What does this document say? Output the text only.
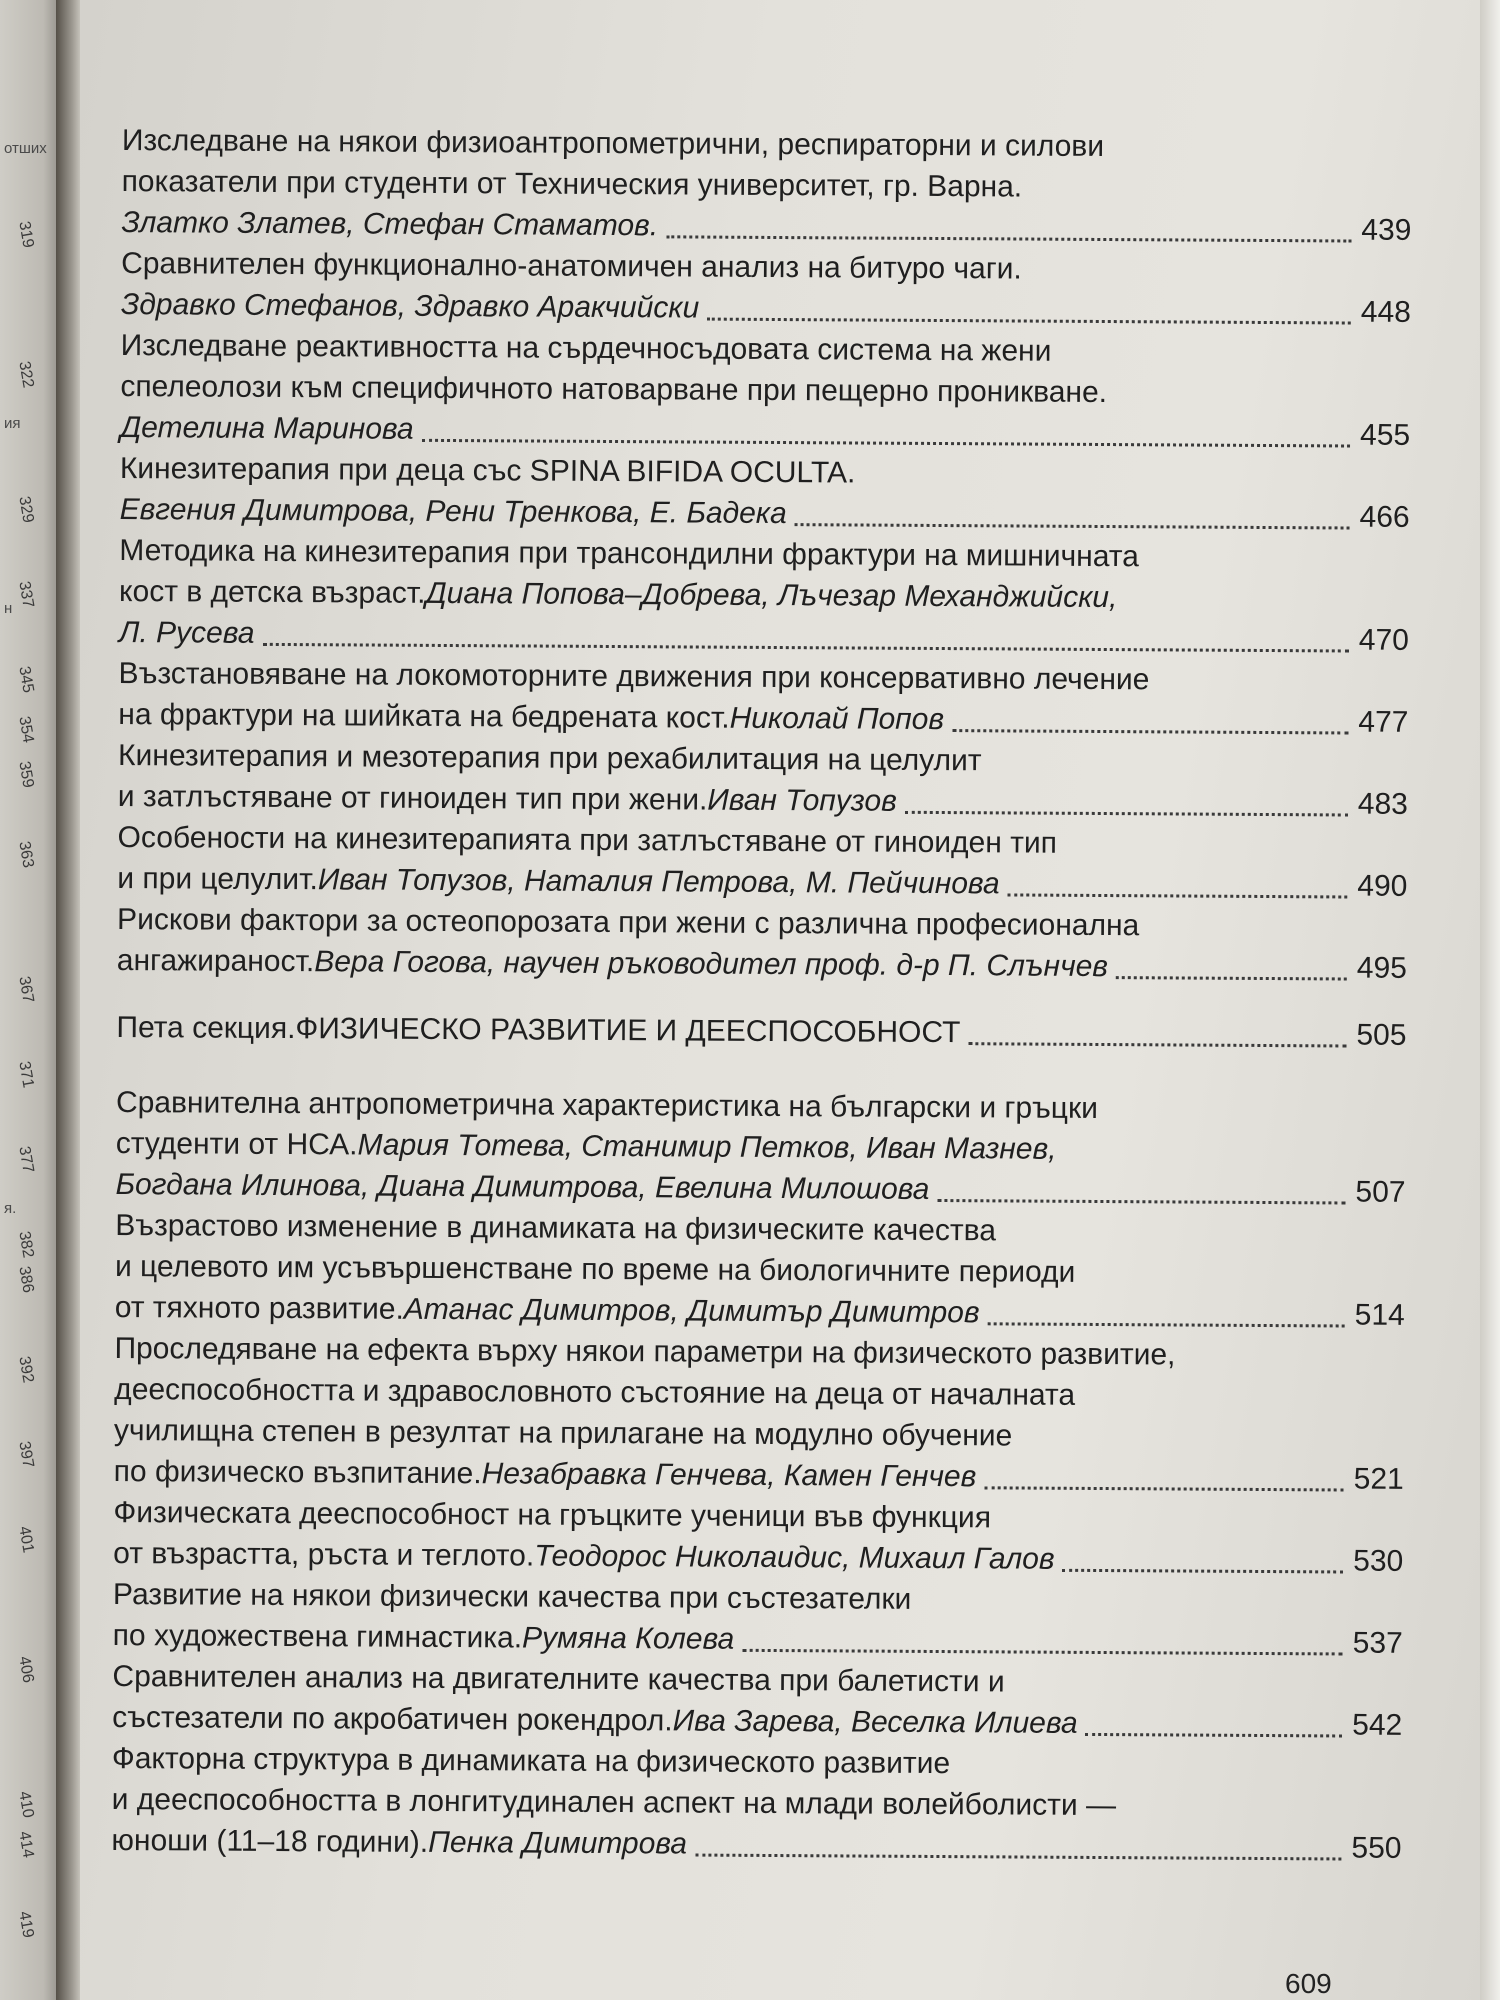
отших
ия
н
я.
319
322
329
337
345
354
359
363
367
371
377
382
386
392
397
401
406
410
414
419
Изследване на някои физиоантропометрични, респираторни и силови
показатели при студенти от Техническия университет, гр. Варна.
Златко Златев, Стефан Стаматов.	439
Сравнителен функционално-анатомичен анализ на битуро чаги.
Здравко Стефанов, Здравко Аракчийски	448
Изследване реактивността на сърдечносъдовата система на жени
спелеолози към специфичното натоварване при пещерно проникване.
Детелина Маринова	455
Кинезитерапия при деца със SPINA BIFIDA OCULTA.
Евгения Димитрова, Рени Тренкова, Е. Бадека	466
Методика на кинезитерапия при трансондилни фрактури на мишничната
кост в детска възраст. Диана Попова–Добрева, Лъчезар Механджийски,
Л. Русева	470
Възстановяване на локомоторните движения при консервативно лечение
на фрактури на шийката на бедрената кост. Николай Попов	477
Кинезитерапия и мезотерапия при рехабилитация на целулит
и затлъстяване от гиноиден тип при жени. Иван Топузов	483
Особености на кинезитерапията при затлъстяване от гиноиден тип
и при целулит. Иван Топузов, Наталия Петрова, М. Пейчинова	490
Рискови фактори за остеопорозата при жени с различна професионална
ангажираност. Вера Гогова, научен ръководител проф. д-р П. Слънчев	495
Пета секция. ФИЗИЧЕСКО РАЗВИТИЕ И ДЕЕСПОСОБНОСТ	505
Сравнителна антропометрична характеристика на български и гръцки
студенти от НСА. Мария Тотева, Станимир Петков, Иван Мазнев,
Богдана Илинова, Диана Димитрова, Евелина Милошова	507
Възрастово изменение в динамиката на физическите качества
и целевото им усъвършенстване по време на биологичните периоди
от тяхното развитие. Атанас Димитров, Димитър Димитров	514
Проследяване на ефекта върху някои параметри на физическото развитие,
дееспособността и здравословното състояние на деца от началната
училищна степен в резултат на прилагане на модулно обучение
по физическо възпитание. Незабравка Генчева, Камен Генчев	521
Физическата дееспособност на гръцките ученици във функция
от възрастта, ръста и теглото. Теодорос Николаидис, Михаил Галов	530
Развитие на някои физически качества при състезателки
по художествена гимнастика. Румяна Колева	537
Сравнителен анализ на двигателните качества при балетисти и
състезатели по акробатичен рокендрол. Ива Зарева, Веселка Илиева	542
Факторна структура в динамиката на физическото развитие
и дееспособността в лонгитудинален аспект на млади волейболисти —
юноши (11–18 години). Пенка Димитрова	550
609
